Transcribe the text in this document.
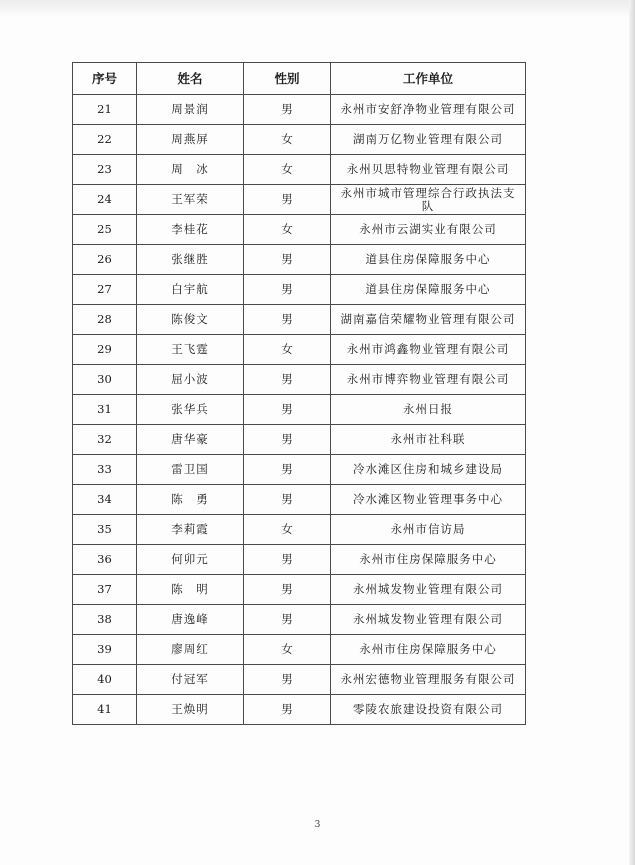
序号	姓名	性别	工作单位
21	周景润	男	永州市安舒净物业管理有限公司
22	周燕屏	女	湖南万亿物业管理有限公司
23	周　冰	女	永州贝思特物业管理有限公司
24	王军荣	男	永州市城市管理综合行政执法支队
25	李桂花	女	永州市云湖实业有限公司
26	张继胜	男	道县住房保障服务中心
27	白宇航	男	道县住房保障服务中心
28	陈俊文	男	湖南嘉信荣耀物业管理有限公司
29	王飞霆	女	永州市鸿鑫物业管理有限公司
30	屈小波	男	永州市博弈物业管理有限公司
31	张华兵	男	永州日报
32	唐华豪	男	永州市社科联
33	雷卫国	男	冷水滩区住房和城乡建设局
34	陈　勇	男	冷水滩区物业管理事务中心
35	李莉霞	女	永州市信访局
36	何卯元	男	永州市住房保障服务中心
37	陈　明	男	永州城发物业管理有限公司
38	唐逸峰	男	永州城发物业管理有限公司
39	廖周红	女	永州市住房保障服务中心
40	付冠军	男	永州宏德物业管理服务有限公司
41	王焕明	男	零陵农旅建设投资有限公司
3
